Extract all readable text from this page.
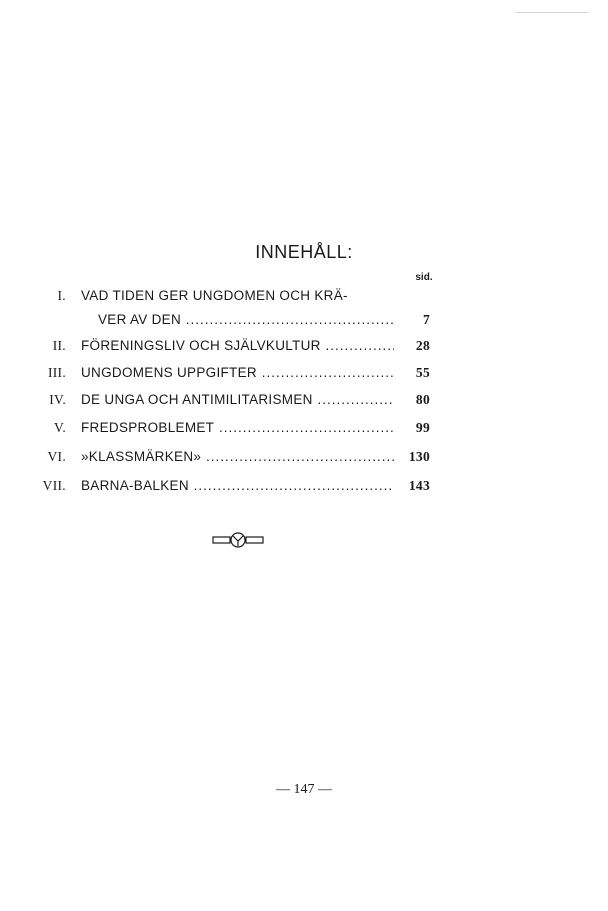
INNEHÅLL:
sid.
I. VAD TIDEN GER UNGDOMEN OCH KRÄ-
VER AV DEN .....	7
II. FÖRENINGSLIV OCH SJÄLVKULTUR .....	28
III. UNGDOMENS UPPGIFTER .....	55
IV. DE UNGA OCH ANTIMILITARISMEN .....	80
V. FREDSPROBLEMET .....	99
VI. »KLASSMÄRKEN» .....	130
VII. BARNA-BALKEN .....	143
— 147 —
